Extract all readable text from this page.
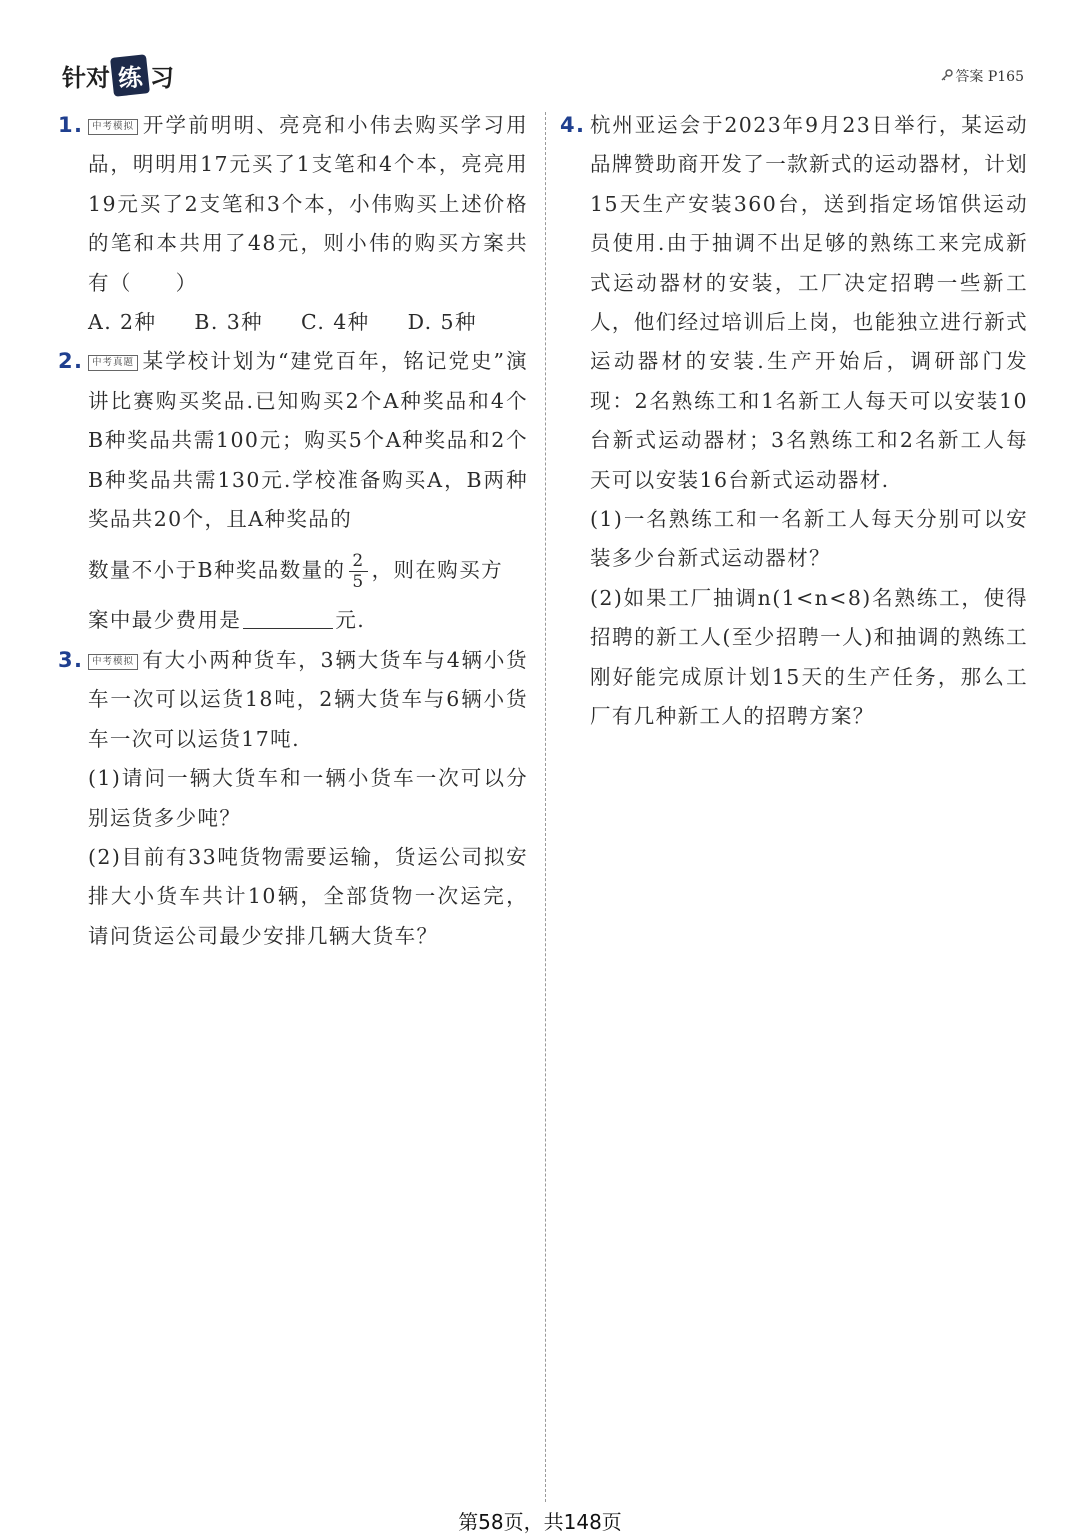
针对 练 习	答案 P165
1. 中考模拟 开学前明明、亮亮和小伟去购买学习用品，明明用17元买了1支笔和4个本，亮亮用19元买了2支笔和3个本，小伟购买上述价格的笔和本共用了48元，则小伟的购买方案共有（　　）

A. 2种 B. 3种 C. 4种 D. 5种
2. 中考真题 某学校计划为“建党百年，铭记党史”演讲比赛购买奖品.已知购买2个A种奖品和4个B种奖品共需100元；购买5个A种奖品和2个B种奖品共需130元.学校准备购买A，B两种奖品共20个，且A种奖品的

数量不小于B种奖品数量的 $\frac{2}{5}$ ，则在购买方

案中最少费用是	元.

3. 中考模拟 有大小两种货车，3辆大货车与4辆小货车一次可以运货18吨，2辆大货车与6辆小货车一次可以运货17吨.

(1)请问一辆大货车和一辆小货车一次可以分别运货多少吨？

(2)目前有33吨货物需要运输，货运公司拟安排大小货车共计10辆，全部货物一次运完，请问货运公司最少安排几辆大货车？

4. 杭州亚运会于2023年9月23日举行，某运动品牌赞助商开发了一款新式的运动器材，计划15天生产安装360台，送到指定场馆供运动员使用.由于抽调不出足够的熟练工来完成新式运动器材的安装，工厂决定招聘一些新工人，他们经过培训后上岗，也能独立进行新式运动器材的安装.生产开始后，调研部门发现：2名熟练工和1名新工人每天可以安装10台新式运动器材；3名熟练工和2名新工人每天可以安装16台新式运动器材.

(1)一名熟练工和一名新工人每天分别可以安装多少台新式运动器材？

(2)如果工厂抽调n(1<n<8)名熟练工，使得招聘的新工人(至少招聘一人)和抽调的熟练工刚好能完成原计划15天的生产任务，那么工厂有几种新工人的招聘方案？

第58页，共148页
